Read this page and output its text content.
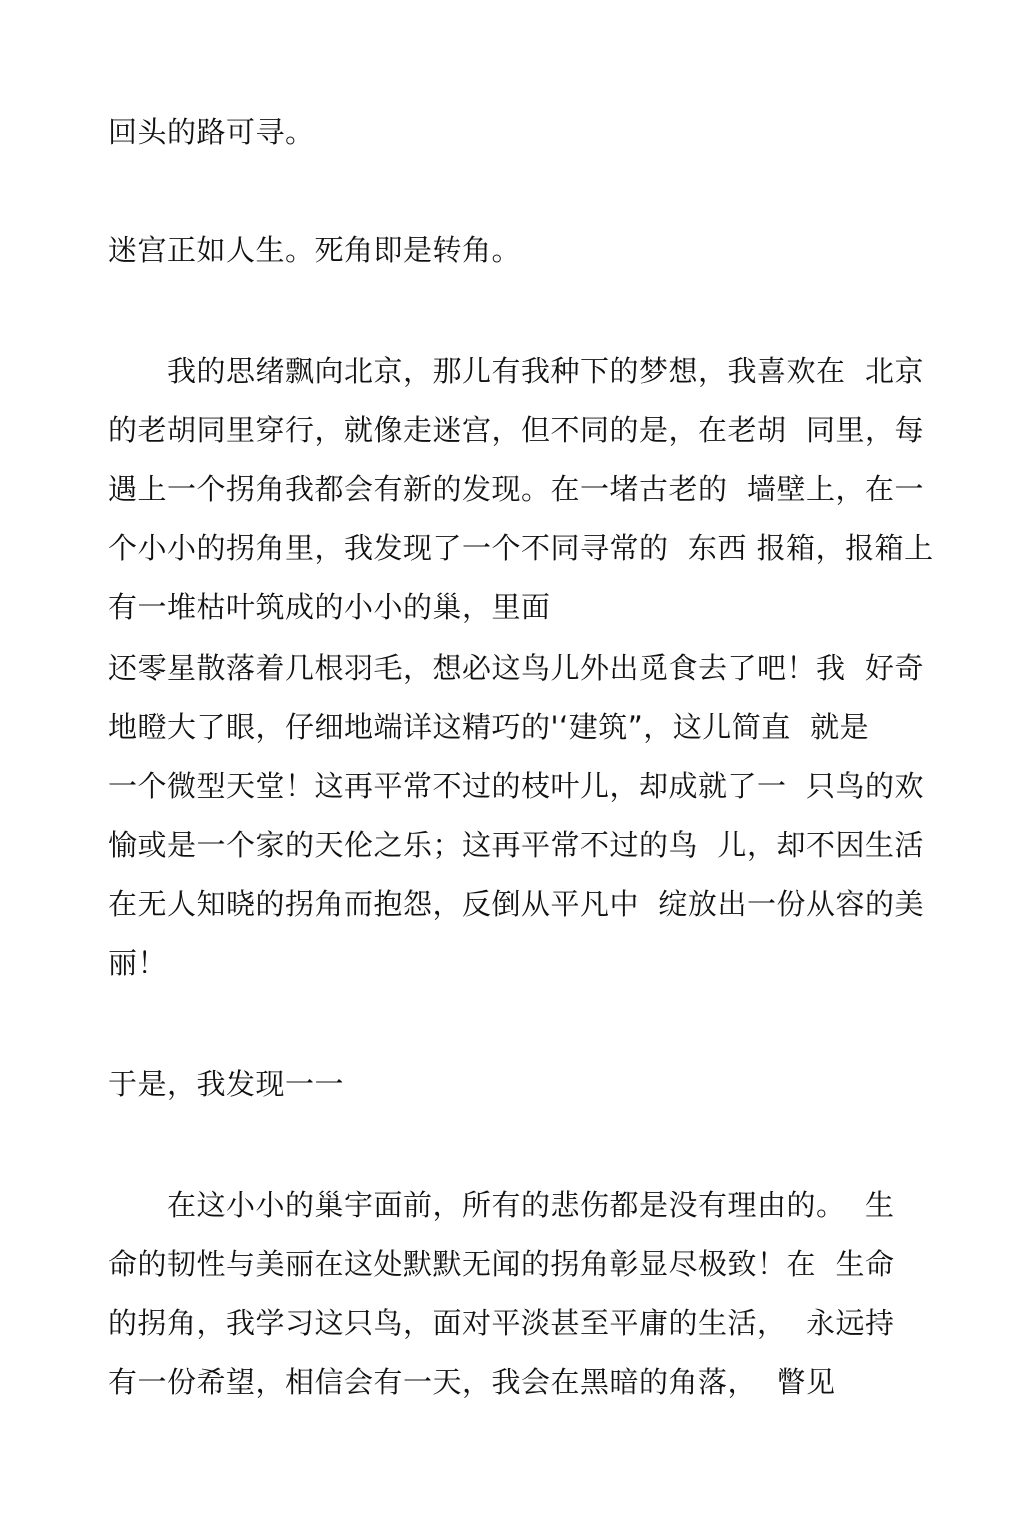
回头的路可寻。
迷宫正如人生。死角即是转角。
　　我的思绪飘向北京，那儿有我种下的梦想，我喜欢在  北京
的老胡同里穿行，就像走迷宫，但不同的是，在老胡  同里，每
遇上一个拐角我都会有新的发现。在一堵古老的  墙壁上，在一
个小小的拐角里，我发现了一个不同寻常的  东西 报箱，报箱上
有一堆枯叶筑成的小小的巢，里面
还零星散落着几根羽毛，想必这鸟儿外出觅食去了吧！我  好奇
地瞪大了眼，仔细地端详这精巧的'‘建筑”，这儿简直  就是
一个微型天堂！这再平常不过的枝叶儿，却成就了一  只鸟的欢
愉或是一个家的天伦之乐；这再平常不过的鸟  儿，却不因生活
在无人知晓的拐角而抱怨，反倒从平凡中  绽放出一份从容的美
丽！
于是，我发现一一
　　在这小小的巢宇面前，所有的悲伤都是没有理由的。  生
命的韧性与美丽在这处默默无闻的拐角彰显尽极致！在  生命
的拐角，我学习这只鸟，面对平淡甚至平庸的生活，  永远持
有一份希望，相信会有一天，我会在黑暗的角落，  瞥见
